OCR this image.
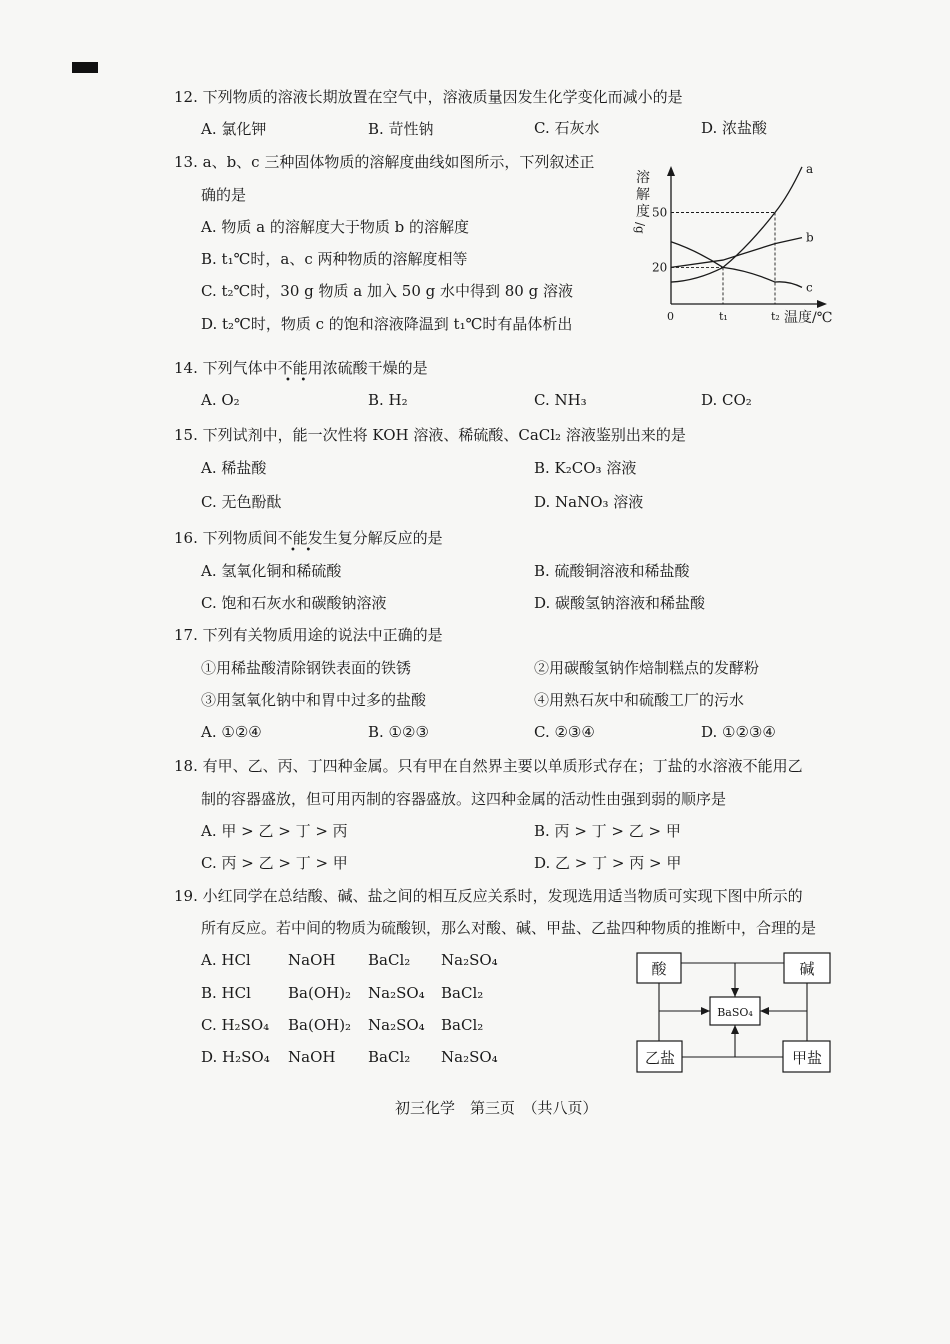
12. 下列物质的溶液长期放置在空气中，溶液质量因发生化学变化而减小的是
A. 氯化钾	B. 苛性钠	C. 石灰水	D. 浓盐酸
13. a、b、c 三种固体物质的溶解度曲线如图所示，下列叙述正
确的是
A. 物质 a 的溶解度大于物质 b 的溶解度
B. t₁℃时，a、c 两种物质的溶解度相等
C. t₂℃时，30 g 物质 a 加入 50 g 水中得到 80 g 溶液
D. t₂℃时，物质 c 的饱和溶液降温到 t₁℃时有晶体析出
溶
解
度
/g
20
50
0	t₁	t₂ 温度/℃
a
b
c
14. 下列气体中不能用浓硫酸干燥的是
•   •
A. O₂	B. H₂	C. NH₃	D. CO₂
15. 下列试剂中，能一次性将 KOH 溶液、稀硫酸、CaCl₂ 溶液鉴别出来的是
A. 稀盐酸	B. K₂CO₃ 溶液
C. 无色酚酞	D. NaNO₃ 溶液
16. 下列物质间不能发生复分解反应的是
•   •
A. 氢氧化铜和稀硫酸	B. 硫酸铜溶液和稀盐酸
C. 饱和石灰水和碳酸钠溶液	D. 碳酸氢钠溶液和稀盐酸
17. 下列有关物质用途的说法中正确的是
①用稀盐酸清除钢铁表面的铁锈	②用碳酸氢钠作焙制糕点的发酵粉
③用氢氧化钠中和胃中过多的盐酸	④用熟石灰中和硫酸工厂的污水
A. ①②④	B. ①②③	C. ②③④	D. ①②③④
18. 有甲、乙、丙、丁四种金属。只有甲在自然界主要以单质形式存在；丁盐的水溶液不能用乙
制的容器盛放，但可用丙制的容器盛放。这四种金属的活动性由强到弱的顺序是
A. 甲 > 乙 > 丁 > 丙	B. 丙 > 丁 > 乙 > 甲
C. 丙 > 乙 > 丁 > 甲	D. 乙 > 丁 > 丙 > 甲
19. 小红同学在总结酸、碱、盐之间的相互反应关系时，发现选用适当物质可实现下图中所示的
所有反应。若中间的物质为硫酸钡，那么对酸、碱、甲盐、乙盐四种物质的推断中，合理的是
A. HCl NaOH BaCl₂ Na₂SO₄
B. HCl Ba(OH)₂ Na₂SO₄ BaCl₂
C. H₂SO₄ Ba(OH)₂ Na₂SO₄ BaCl₂
D. H₂SO₄ NaOH BaCl₂ Na₂SO₄
酸	碱
BaSO₄
乙盐	甲盐
初三化学　第三页　（共八页）
